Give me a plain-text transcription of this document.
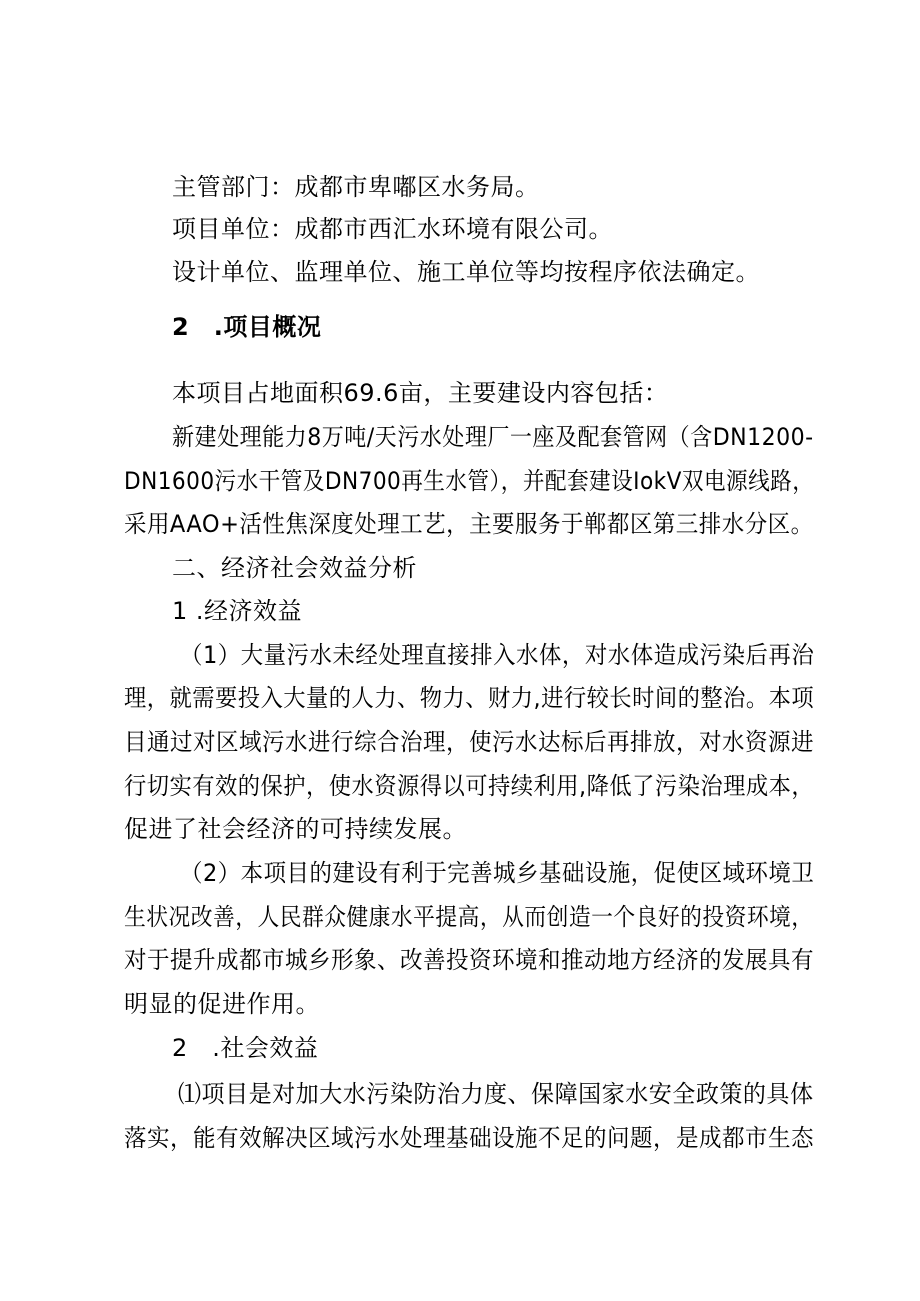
主管部门：成都市卑嘟区水务局。
项目单位：成都市西汇水环境有限公司。
设计单位、监理单位、施工单位等均按程序依法确定。
2　.项目概况
本项目占地面积69.6亩，主要建设内容包括：
新建处理能力8万吨/天污水处理厂一座及配套管网（含DN1200-
DN1600污水干管及DN700再生水管），并配套建设IokV双电源线路，
采用AAO+活性焦深度处理工艺，主要服务于郸都区第三排水分区。
二、经济社会效益分析
1 .经济效益
（1）大量污水未经处理直接排入水体，对水体造成污染后再治
理，就需要投入大量的人力、物力、财力,进行较长时间的整治。本项
目通过对区域污水进行综合治理，使污水达标后再排放，对水资源进
行切实有效的保护，使水资源得以可持续利用,降低了污染治理成本，
促进了社会经济的可持续发展。
（2）本项目的建设有利于完善城乡基础设施，促使区域环境卫
生状况改善，人民群众健康水平提高，从而创造一个良好的投资环境，
对于提升成都市城乡形象、改善投资环境和推动地方经济的发展具有
明显的促进作用。
2　.社会效益
⑴项目是对加大水污染防治力度、保障国家水安全政策的具体
落实，能有效解决区域污水处理基础设施不足的问题，是成都市生态
